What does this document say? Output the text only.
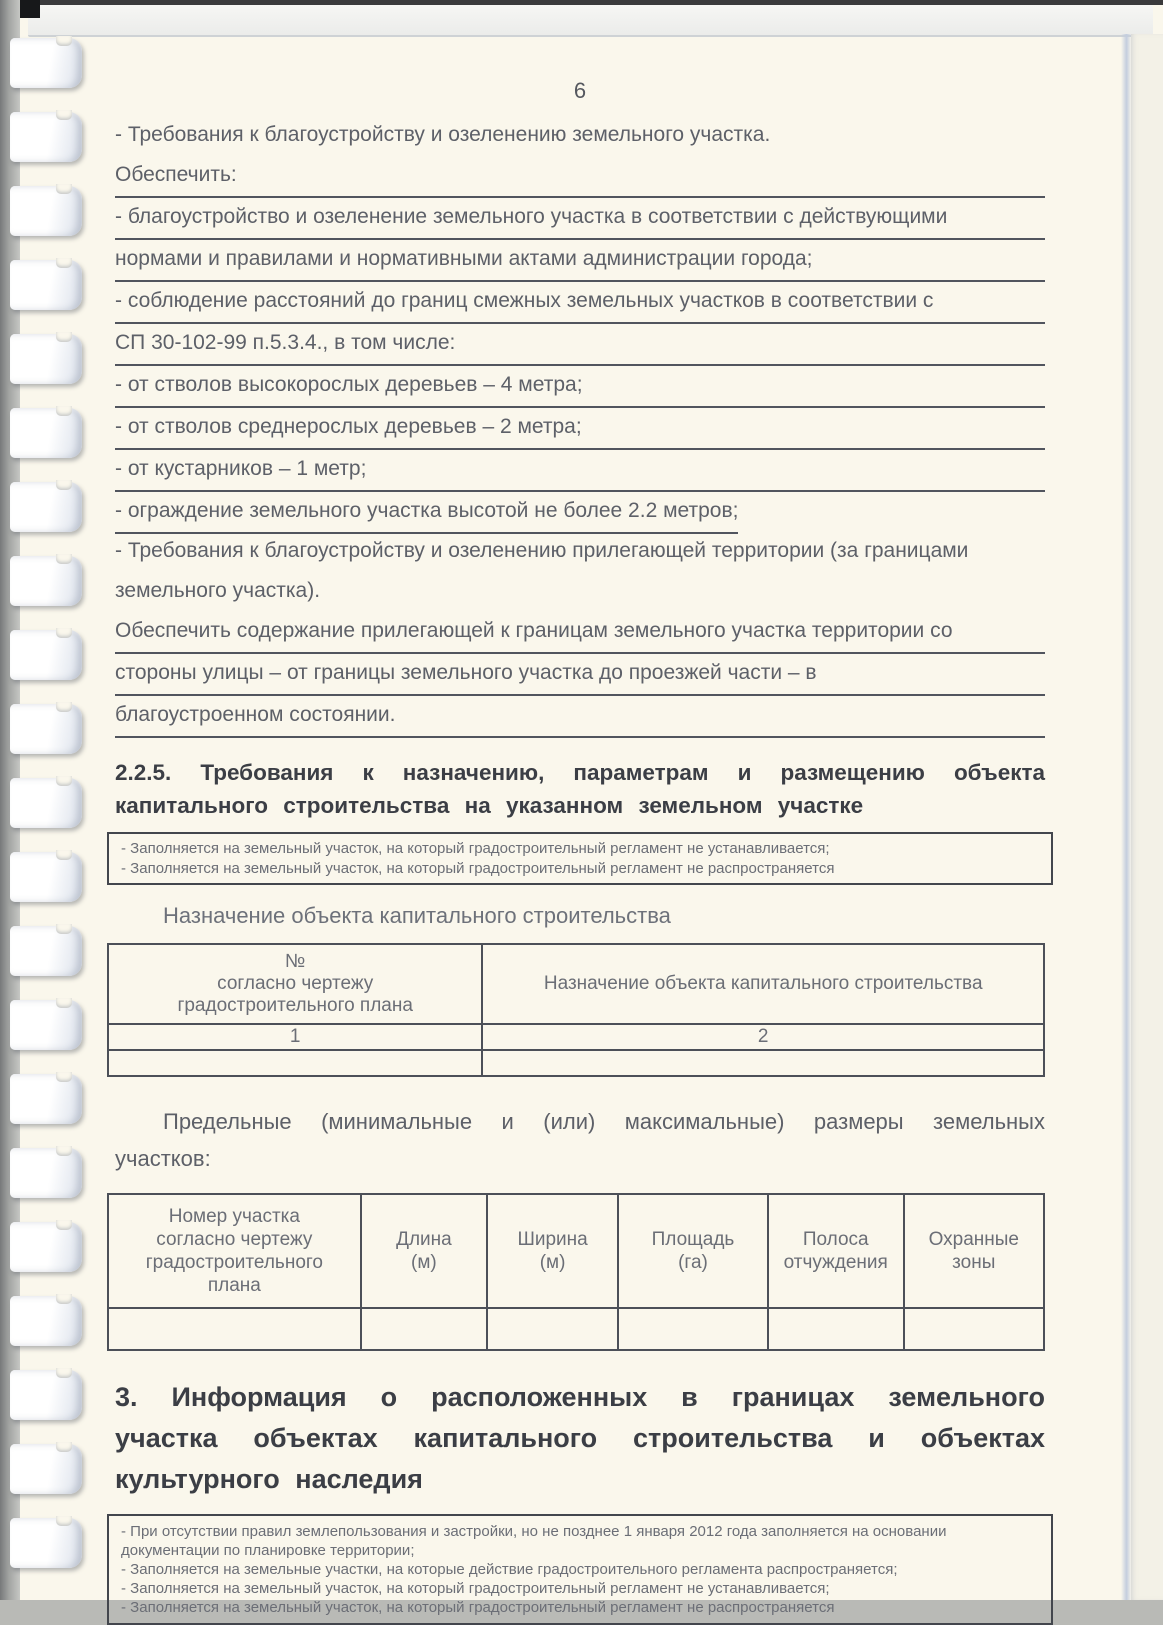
6
- Требования к благоустройству и озеленению земельного участка.
Обеспечить:
- благоустройство и озеленение земельного участка в соответствии с действующими
нормами и правилами и нормативными актами администрации города;
- соблюдение расстояний до границ смежных земельных участков в соответствии с
СП 30-102-99 п.5.3.4., в том числе:
- от стволов высокорослых деревьев – 4 метра;
- от стволов среднерослых деревьев – 2 метра;
- от кустарников – 1 метр;
- ограждение земельного участка высотой не более 2.2 метров;
- Требования к благоустройству и озеленению прилегающей территории (за границами
земельного участка).
Обеспечить содержание прилегающей к границам земельного участка территории со
стороны улицы – от границы земельного участка до проезжей части – в
благоустроенном состоянии.
2.2.5. Требования к назначению, параметрам и размещению объекта капитального строительства на указанном земельном участке
- Заполняется на земельный участок, на который градостроительный регламент не устанавливается;
- Заполняется на земельный участок, на который градостроительный регламент не распространяется
Назначение объекта капитального строительства
№
согласно чертежу
градостроительного плана	Назначение объекта капитального строительства
1	2

Предельные (минимальные и (или) максимальные) размеры земельных участков:
Номер участка
согласно чертежу
градостроительного
плана	Длина
(м)	Ширина
(м)	Площадь
(га)	Полоса
отчуждения	Охранные
зоны

3. Информация о расположенных в границах земельного участка объектах капитального строительства и объектах культурного наследия
- При отсутствии правил землепользования и застройки, но не позднее 1 января 2012 года заполняется на основании документации по планировке территории;
- Заполняется на земельные участки, на которые действие градостроительного регламента распространяется;
- Заполняется на земельный участок, на который градостроительный регламент не устанавливается;
- Заполняется на земельный участок, на который градостроительный регламент не распространяется
